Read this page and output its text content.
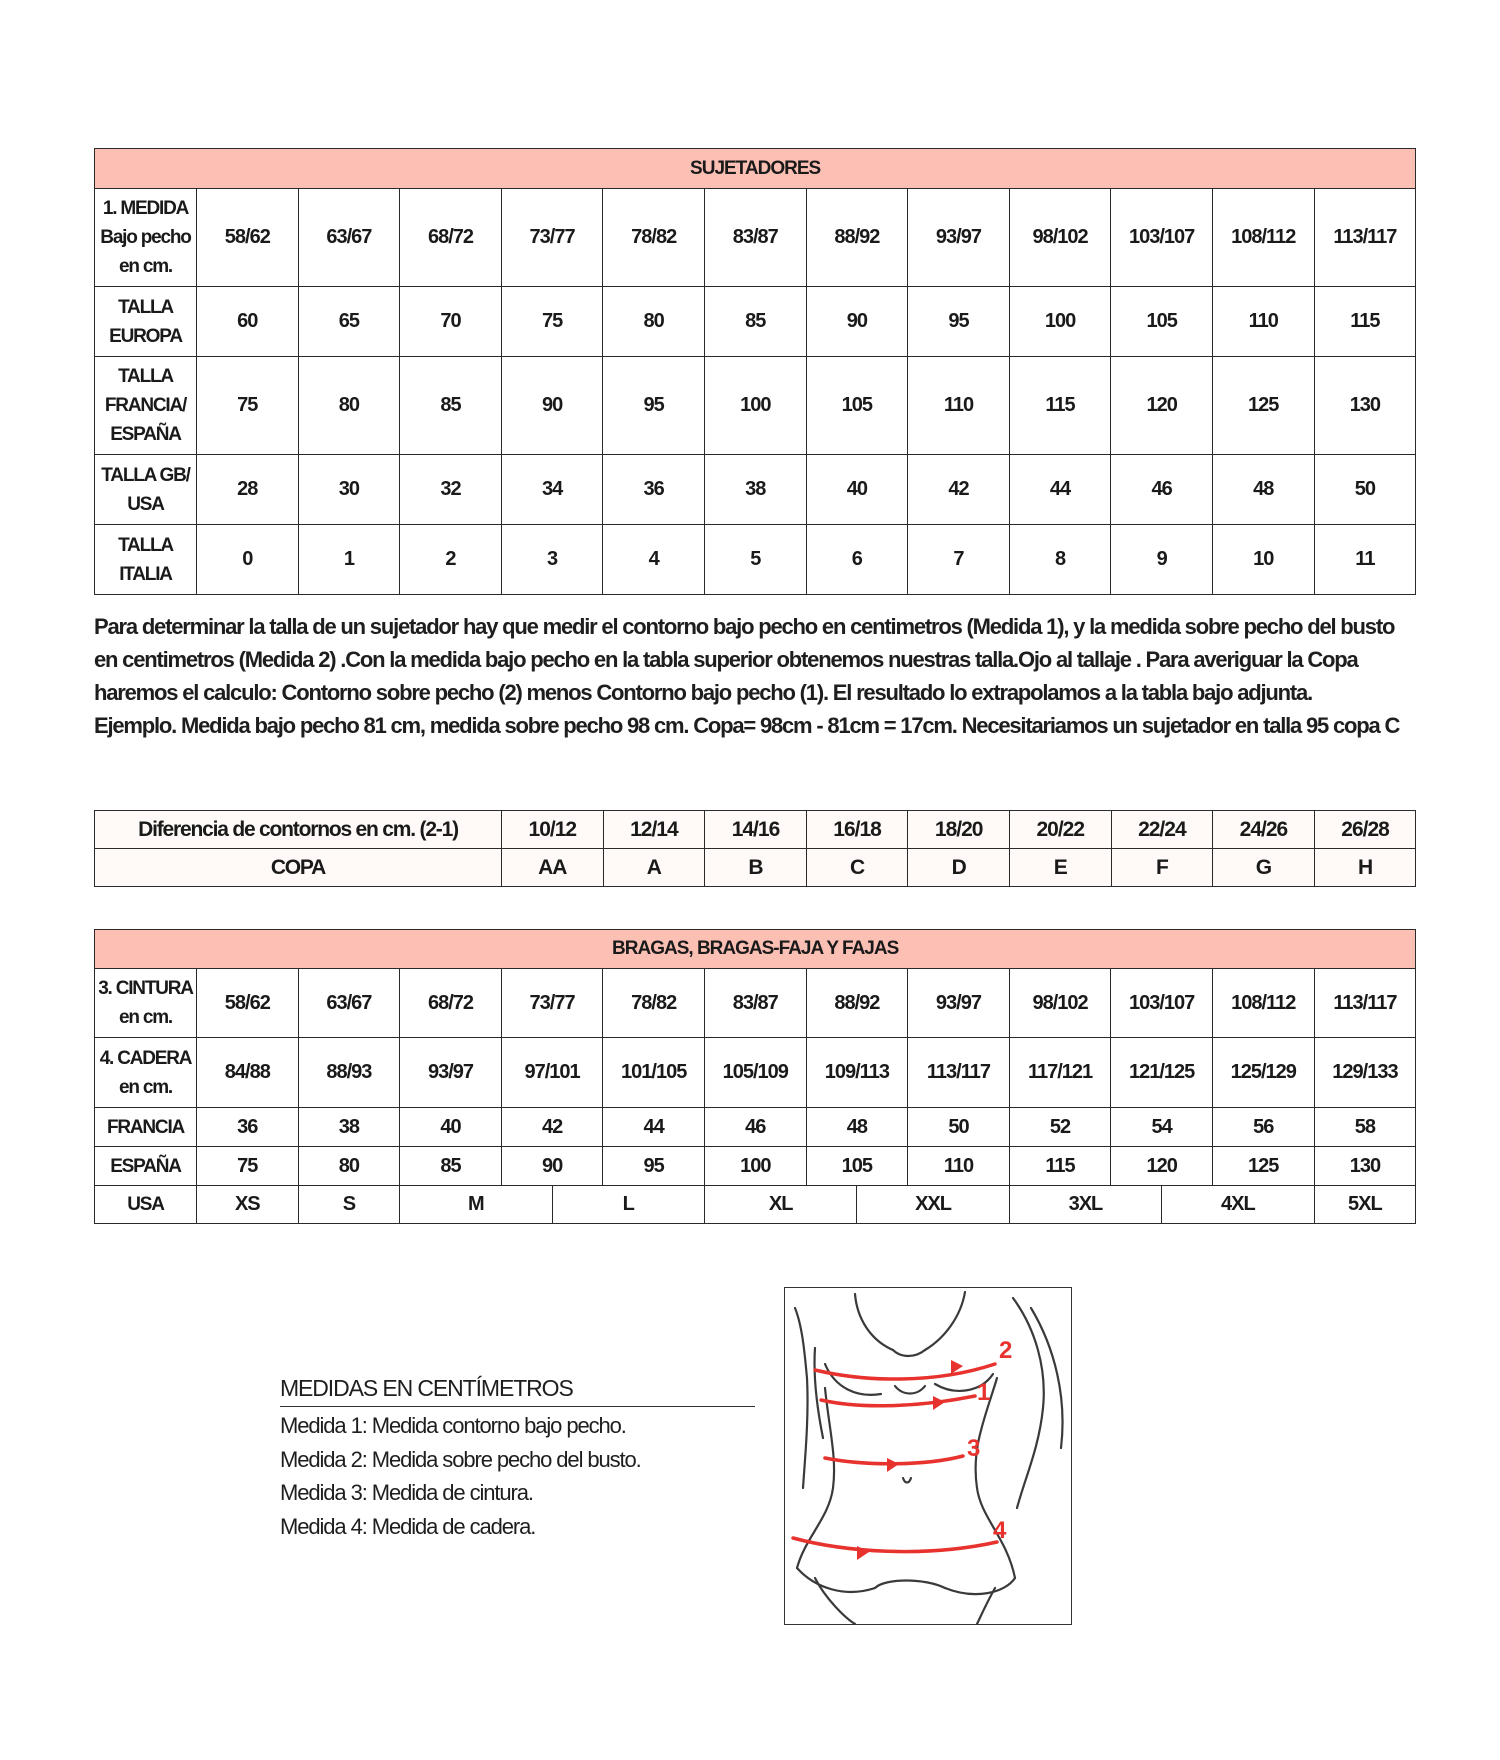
SUJETADORES												

1. MEDIDA
Bajo pecho
en cm.	58/62	63/67	68/72	73/77	78/82	83/87	88/92	93/97	98/102	103/107	108/112	113/117

TALLA
EUROPA	60	65	70	75	80	85	90	95	100	105	110	115

TALLA
FRANCIA/
ESPAÑA	75	80	85	90	95	100	105	110	115	120	125	130

TALLA GB/
USA	28	30	32	34	36	38	40	42	44	46	48	50

TALLA
ITALIA	0	1	2	3	4	5	6	7	8	9	10	11

Para determinar la talla de un sujetador hay que medir el contorno bajo pecho en centimetros (Medida 1), y la medida sobre pecho del busto en centimetros (Medida 2) .Con la medida bajo pecho en la tabla superior obtenemos nuestras talla.Ojo al tallaje . Para averiguar la Copa haremos el calculo: Contorno sobre pecho (2) menos Contorno bajo pecho (1). El resultado lo extrapolamos a la tabla bajo adjunta.

Ejemplo. Medida bajo pecho 81 cm, medida sobre pecho 98 cm. Copa= 98cm - 81cm = 17cm. Necesitariamos un sujetador en talla 95 copa C

Diferencia de contornos en cm. (2-1)	10/12	12/14	14/16	16/18	18/20	20/22	22/24	24/26	26/28
COPA	AA	A	B	C	D	E	F	G	H
BRAGAS, BRAGAS-FAJA Y FAJAS												

3. CINTURA
en cm.	58/62	63/67	68/72	73/77	78/82	83/87	88/92	93/97	98/102	103/107	108/112	113/117

4. CADERA
en cm.	84/88	88/93	93/97	97/101	101/105	105/109	109/113	113/117	117/121	121/125	125/129	129/133
FRANCIA	36	38	40	42	44	46	48	50	52	54	56	58
ESPAÑA	75	80	85	90	95	100	105	110	115	120	125	130
USA	XS	S	M	L	XL	XXL	3XL	4XL	5XL
MEDIDAS EN CENTÍMETROS
Medida 1: Medida contorno bajo pecho.
Medida 2: Medida sobre pecho del busto.
Medida 3: Medida de cintura.
Medida 4: Medida de cadera.
2
1
3
4
